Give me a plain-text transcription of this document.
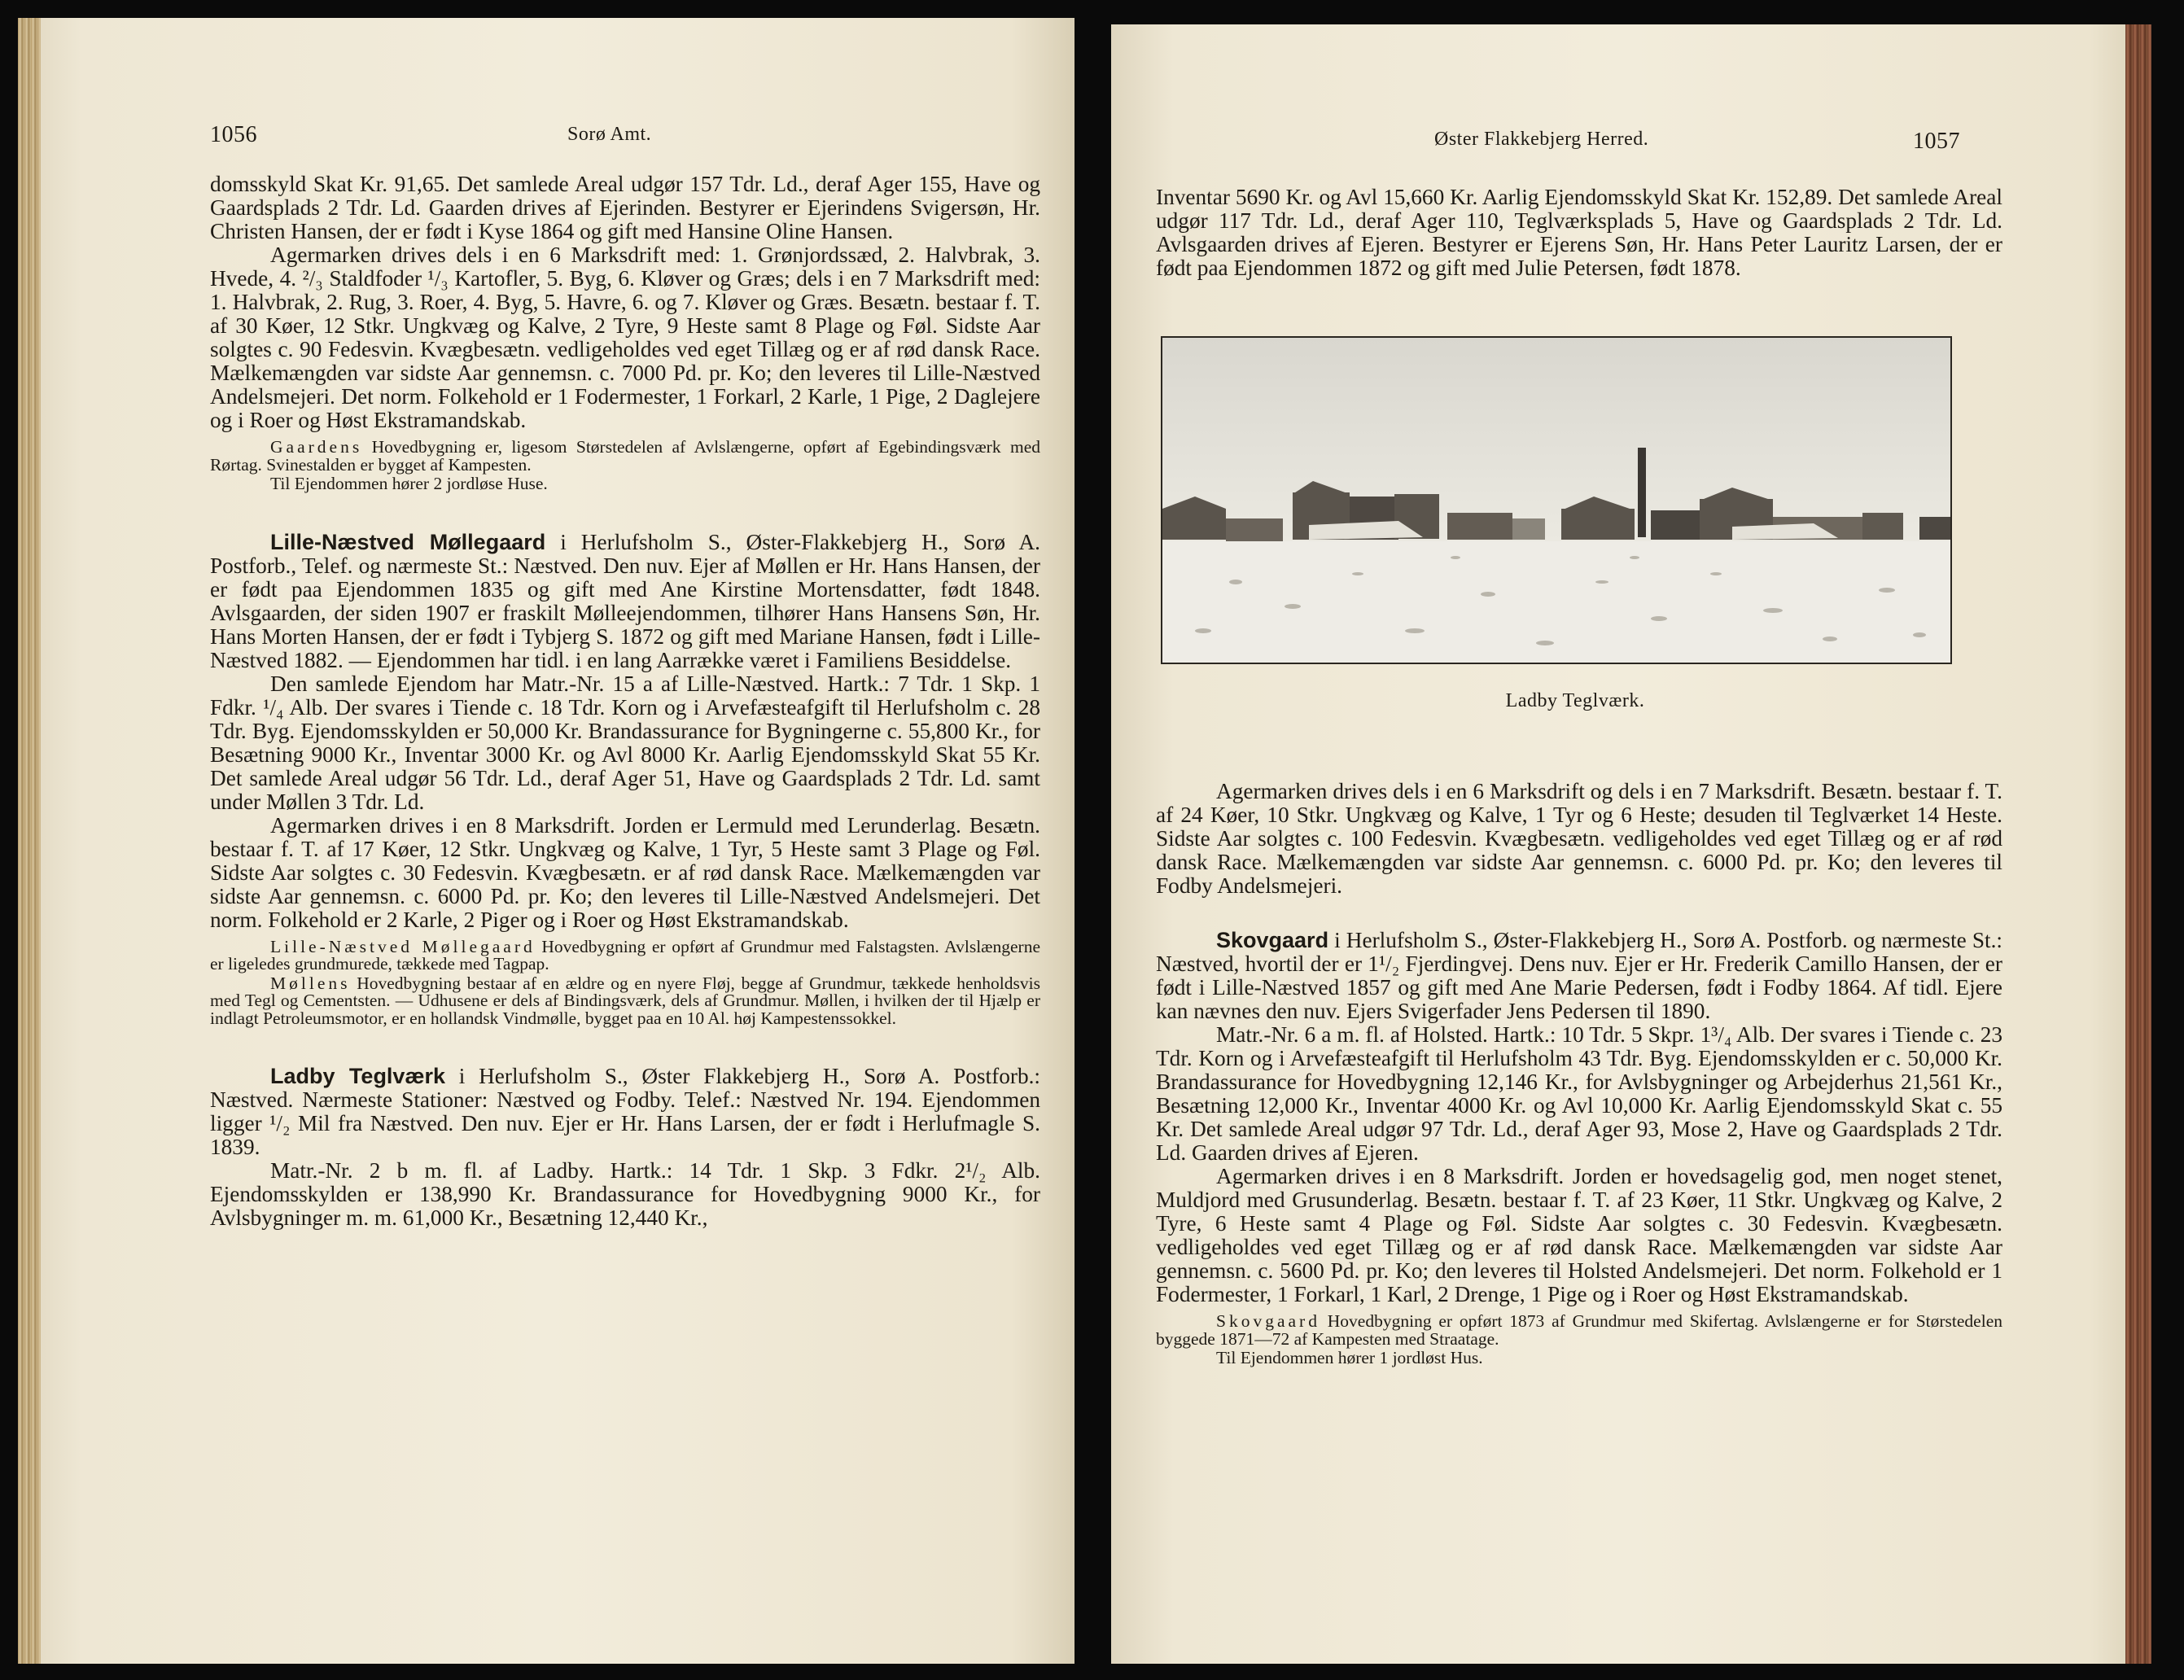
1056	Sorø Amt.

domsskyld Skat Kr. 91,65. Det samlede Areal udgør 157 Tdr. Ld., deraf Ager 155, Have og Gaardsplads 2 Tdr. Ld. Gaarden drives af Ejerinden. Bestyrer er Ejerindens Svigersøn, Hr. Christen Hansen, der er født i Kyse 1864 og gift med Hansine Oline Hansen.

Agermarken drives dels i en 6 Marksdrift med: 1. Grønjordssæd, 2. Halvbrak, 3. Hvede, 4. ²/₃ Staldfoder ¹/₃ Kartofler, 5. Byg, 6. Kløver og Græs; dels i en 7 Marksdrift med: 1. Halvbrak, 2. Rug, 3. Roer, 4. Byg, 5. Havre, 6. og 7. Kløver og Græs. Besætn. bestaar f. T. af 30 Køer, 12 Stkr. Ungkvæg og Kalve, 2 Tyre, 9 Heste samt 8 Plage og Føl. Sidste Aar solgtes c. 90 Fedesvin. Kvægbesætn. vedligeholdes ved eget Tillæg og er af rød dansk Race. Mælkemængden var sidste Aar gennemsn. c. 7000 Pd. pr. Ko; den leveres til Lille-Næstved Andelsmejeri. Det norm. Folkehold er 1 Fodermester, 1 Forkarl, 2 Karle, 1 Pige, 2 Daglejere og i Roer og Høst Ekstramandskab.

Gaardens Hovedbygning er, ligesom Størstedelen af Avlslængerne, opført af Egebindingsværk med Rørtag. Svinestalden er bygget af Kampesten.

Til Ejendommen hører 2 jordløse Huse.

Lille-Næstved Møllegaard i Herlufsholm S., Øster-Flakkebjerg H., Sorø A. Postforb., Telef. og nærmeste St.: Næstved. Den nuv. Ejer af Møllen er Hr. Hans Hansen, der er født paa Ejendommen 1835 og gift med Ane Kirstine Mortensdatter, født 1848. Avlsgaarden, der siden 1907 er fraskilt Mølleejendommen, tilhører Hans Hansens Søn, Hr. Hans Morten Hansen, der er født i Tybjerg S. 1872 og gift med Mariane Hansen, født i Lille-Næstved 1882. — Ejendommen har tidl. i en lang Aarrække været i Familiens Besiddelse.

Den samlede Ejendom har Matr.-Nr. 15 a af Lille-Næstved. Hartk.: 7 Tdr. 1 Skp. 1 Fdkr. ¹/₄ Alb. Der svares i Tiende c. 18 Tdr. Korn og i Arvefæsteafgift til Herlufsholm c. 28 Tdr. Byg. Ejendomsskylden er 50,000 Kr. Brandassurance for Bygningerne c. 55,800 Kr., for Besætning 9000 Kr., Inventar 3000 Kr. og Avl 8000 Kr. Aarlig Ejendomsskyld Skat 55 Kr. Det samlede Areal udgør 56 Tdr. Ld., deraf Ager 51, Have og Gaardsplads 2 Tdr. Ld. samt under Møllen 3 Tdr. Ld.

Agermarken drives i en 8 Marksdrift. Jorden er Lermuld med Lerunderlag. Besætn. bestaar f. T. af 17 Køer, 12 Stkr. Ungkvæg og Kalve, 1 Tyr, 5 Heste samt 3 Plage og Føl. Sidste Aar solgtes c. 30 Fedesvin. Kvægbesætn. er af rød dansk Race. Mælkemængden var sidste Aar gennemsn. c. 6000 Pd. pr. Ko; den leveres til Lille-Næstved Andelsmejeri. Det norm. Folkehold er 2 Karle, 2 Piger og i Roer og Høst Ekstramandskab.

Lille-Næstved Møllegaard Hovedbygning er opført af Grundmur med Falstagsten. Avlslængerne er ligeledes grundmurede, tækkede med Tagpap.

Møllens Hovedbygning bestaar af en ældre og en nyere Fløj, begge af Grundmur, tækkede henholdsvis med Tegl og Cementsten. — Udhusene er dels af Bindingsværk, dels af Grundmur. Møllen, i hvilken der til Hjælp er indlagt Petroleumsmotor, er en hollandsk Vindmølle, bygget paa en 10 Al. høj Kampestenssokkel.

Ladby Teglværk i Herlufsholm S., Øster Flakkebjerg H., Sorø A. Postforb.: Næstved. Nærmeste Stationer: Næstved og Fodby. Telef.: Næstved Nr. 194. Ejendommen ligger ¹/₂ Mil fra Næstved. Den nuv. Ejer er Hr. Hans Larsen, der er født i Herlufmagle S. 1839.

Matr.-Nr. 2 b m. fl. af Ladby. Hartk.: 14 Tdr. 1 Skp. 3 Fdkr. 2¹/₂ Alb. Ejendomsskylden er 138,990 Kr. Brandassurance for Hovedbygning 9000 Kr., for Avlsbygninger m. m. 61,000 Kr., Besætning 12,440 Kr.,

Øster Flakkebjerg Herred.	1057

Inventar 5690 Kr. og Avl 15,660 Kr. Aarlig Ejendomsskyld Skat Kr. 152,89. Det samlede Areal udgør 117 Tdr. Ld., deraf Ager 110, Teglværksplads 5, Have og Gaardsplads 2 Tdr. Ld. Avlsgaarden drives af Ejeren. Bestyrer er Ejerens Søn, Hr. Hans Peter Lauritz Larsen, der er født paa Ejendommen 1872 og gift med Julie Petersen, født 1878.

Ladby Teglværk.

Agermarken drives dels i en 6 Marksdrift og dels i en 7 Marksdrift. Besætn. bestaar f. T. af 24 Køer, 10 Stkr. Ungkvæg og Kalve, 1 Tyr og 6 Heste; desuden til Teglværket 14 Heste. Sidste Aar solgtes c. 100 Fedesvin. Kvægbesætn. vedligeholdes ved eget Tillæg og er af rød dansk Race. Mælkemængden var sidste Aar gennemsn. c. 6000 Pd. pr. Ko; den leveres til Fodby Andelsmejeri.

Skovgaard i Herlufsholm S., Øster-Flakkebjerg H., Sorø A. Postforb. og nærmeste St.: Næstved, hvortil der er 1¹/₂ Fjerdingvej. Dens nuv. Ejer er Hr. Frederik Camillo Hansen, der er født i Lille-Næstved 1857 og gift med Ane Marie Pedersen, født i Fodby 1864. Af tidl. Ejere kan nævnes den nuv. Ejers Svigerfader Jens Pedersen til 1890.

Matr.-Nr. 6 a m. fl. af Holsted. Hartk.: 10 Tdr. 5 Skpr. 1³/₄ Alb. Der svares i Tiende c. 23 Tdr. Korn og i Arvefæsteafgift til Herlufsholm 43 Tdr. Byg. Ejendomsskylden er c. 50,000 Kr. Brandassurance for Hovedbygning 12,146 Kr., for Avlsbygninger og Arbejderhus 21,561 Kr., Besætning 12,000 Kr., Inventar 4000 Kr. og Avl 10,000 Kr. Aarlig Ejendomsskyld Skat c. 55 Kr. Det samlede Areal udgør 97 Tdr. Ld., deraf Ager 93, Mose 2, Have og Gaardsplads 2 Tdr. Ld. Gaarden drives af Ejeren.

Agermarken drives i en 8 Marksdrift. Jorden er hovedsagelig god, men noget stenet, Muldjord med Grusunderlag. Besætn. bestaar f. T. af 23 Køer, 11 Stkr. Ungkvæg og Kalve, 2 Tyre, 6 Heste samt 4 Plage og Føl. Sidste Aar solgtes c. 30 Fedesvin. Kvægbesætn. vedligeholdes ved eget Tillæg og er af rød dansk Race. Mælkemængden var sidste Aar gennemsn. c. 5600 Pd. pr. Ko; den leveres til Holsted Andelsmejeri. Det norm. Folkehold er 1 Fodermester, 1 Forkarl, 1 Karl, 2 Drenge, 1 Pige og i Roer og Høst Ekstramandskab.

Skovgaard Hovedbygning er opført 1873 af Grundmur med Skifertag. Avlslængerne er for Størstedelen byggede 1871—72 af Kampesten med Straatage.

Til Ejendommen hører 1 jordløst Hus.
